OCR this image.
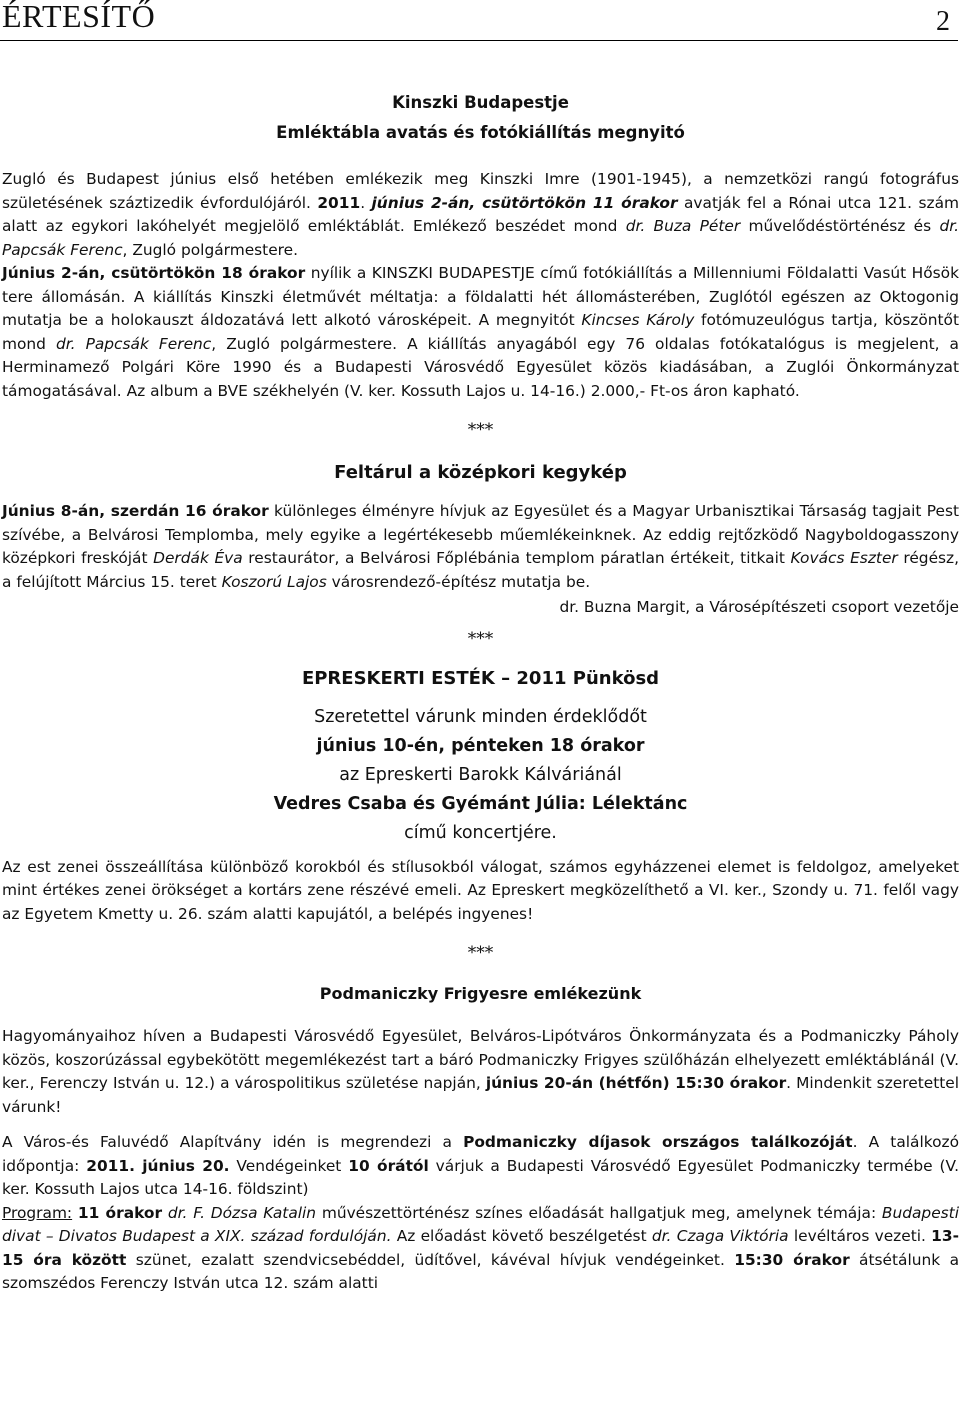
ÉRTESÍTŐ	2

Kinszki Budapestje

Emléktábla avatás és fotókiállítás megnyitó

Zugló és Budapest június első hetében emlékezik meg Kinszki Imre (1901-1945), a nemzetközi rangú fotográfus születésének száztizedik évfordulójáról. 2011. június 2-án, csütörtökön 11 órakor avatják fel a Rónai utca 121. szám alatt az egykori lakóhelyét megjelölő emléktáblát. Emlékező beszédet mond dr. Buza Péter művelődéstörténész és dr. Papcsák Ferenc, Zugló polgármestere.

Június 2-án, csütörtökön 18 órakor nyílik a KINSZKI BUDAPESTJE című fotókiállítás a Millenniumi Földalatti Vasút Hősök tere állomásán. A kiállítás Kinszki életművét méltatja: a földalatti hét állomásterében, Zuglótól egészen az Oktogonig mutatja be a holokauszt áldozatává lett alkotó városképeit. A megnyitót Kincses Károly fotómuzeulógus tartja, köszöntőt mond dr. Papcsák Ferenc, Zugló polgármestere. A kiállítás anyagából egy 76 oldalas fotókatalógus is megjelent, a Herminamező Polgári Köre 1990 és a Budapesti Városvédő Egyesület közös kiadásában, a Zuglói Önkormányzat támogatásával. Az album a BVE székhelyén (V. ker. Kossuth Lajos u. 14-16.) 2.000,- Ft-os áron kapható.

***

Feltárul a középkori kegykép

Június 8-án, szerdán 16 órakor különleges élményre hívjuk az Egyesület és a Magyar Urbanisztikai Társaság tagjait Pest szívébe, a Belvárosi Templomba, mely egyike a legértékesebb műemlékeinknek. Az eddig rejtőzködő Nagyboldogasszony középkori freskóját Derdák Éva restaurátor, a Belvárosi Főplébánia templom páratlan értékeit, titkait Kovács Eszter régész, a felújított Március 15. teret Koszorú Lajos városrendező-építész mutatja be.

dr. Buzna Margit, a Városépítészeti csoport vezetője

***

EPRESKERTI ESTÉK – 2011 Pünkösd

Szeretettel várunk minden érdeklődőt

június 10-én, pénteken 18 órakor

az Epreskerti Barokk Kálváriánál

Vedres Csaba és Gyémánt Júlia: Lélektánc

című koncertjére.

Az est zenei összeállítása különböző korokból és stílusokból válogat, számos egyházzenei elemet is feldolgoz, amelyeket mint értékes zenei örökséget a kortárs zene részévé emeli. Az Epreskert megközelíthető a VI. ker., Szondy u. 71. felől vagy az Egyetem Kmetty u. 26. szám alatti kapujától, a belépés ingyenes!

***

Podmaniczky Frigyesre emlékezünk

Hagyományaihoz híven a Budapesti Városvédő Egyesület, Belváros-Lipótváros Önkormányzata és a Podmaniczky Páholy közös, koszorúzással egybekötött megemlékezést tart a báró Podmaniczky Frigyes szülőházán elhelyezett emléktáblánál (V. ker., Ferenczy István u. 12.) a várospolitikus születése napján, június 20-án (hétfőn) 15:30 órakor. Mindenkit szeretettel várunk!

A Város-és Faluvédő Alapítvány idén is megrendezi a Podmaniczky díjasok országos találkozóját. A találkozó időpontja: 2011. június 20. Vendégeinket 10 órától várjuk a Budapesti Városvédő Egyesület Podmaniczky termébe (V. ker. Kossuth Lajos utca 14-16. földszint)

Program: 11 órakor dr. F. Dózsa Katalin művészettörténész színes előadását hallgatjuk meg, amelynek témája: Budapesti divat – Divatos Budapest a XIX. század fordulóján. Az előadást követő beszélgetést dr. Czaga Viktória levéltáros vezeti. 13-15 óra között szünet, ezalatt szendvicsebéddel, üdítővel, kávéval hívjuk vendégeinket. 15:30 órakor átsétálunk a szomszédos Ferenczy István utca 12. szám alatti
